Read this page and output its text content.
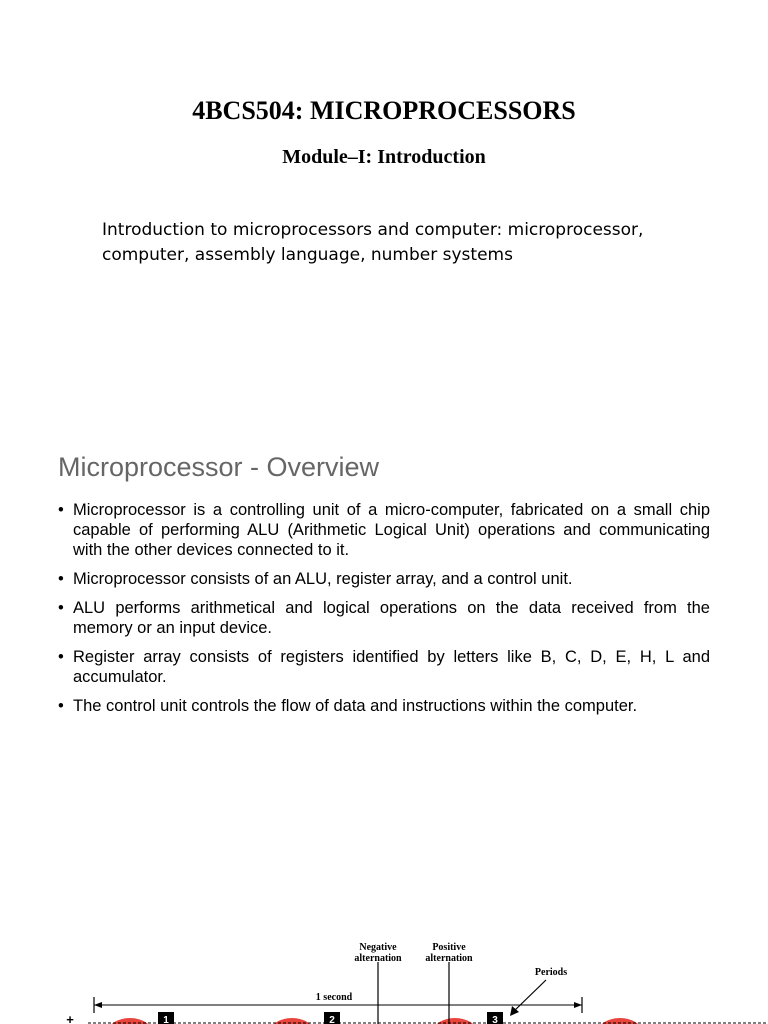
4BCS504: MICROPROCESSORS
Module–I: Introduction

Introduction to microprocessors and computer: microprocessor, computer, assembly language, number systems

Microprocessor - Overview
• Microprocessor is a controlling unit of a micro-computer, fabricated on a small chip capable of performing ALU (Arithmetic Logical Unit) operations and communicating with the other devices connected to it.
• Microprocessor consists of an ALU, register array, and a control unit.
• ALU performs arithmetical and logical operations on the data received from the memory or an input device.
• Register array consists of registers identified by letters like B, C, D, E, H, L and accumulator.
• The control unit controls the flow of data and instructions within the computer.
Negative
alternation
Positive
alternation
Periods
1 second
+	1	2	3
